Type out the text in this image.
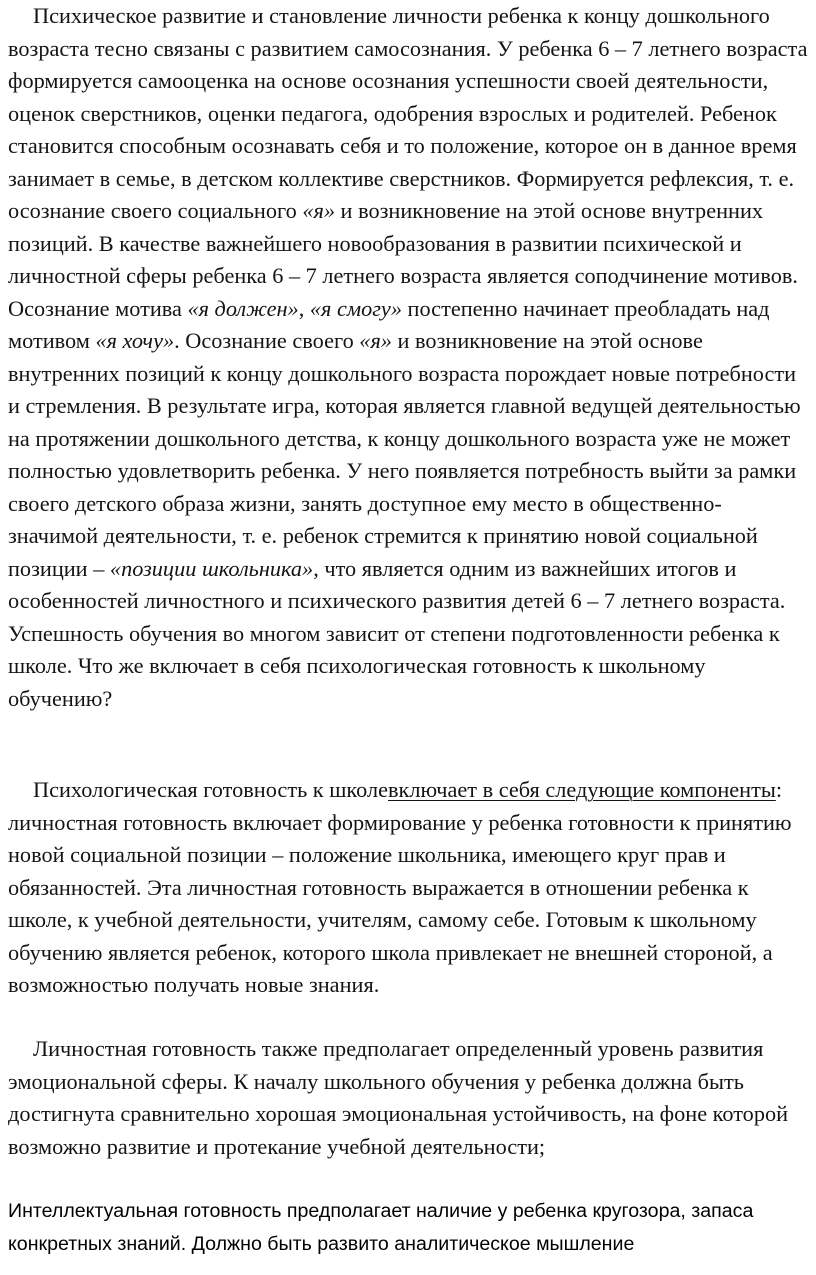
Психическое развитие и становление личности ребенка к концу дошкольного возраста тесно связаны с развитием самосознания. У ребенка 6 – 7 летнего возраста формируется самооценка на основе осознания успешности своей деятельности, оценок сверстников, оценки педагога, одобрения взрослых и родителей. Ребенок становится способным осознавать себя и то положение, которое он в данное время занимает в семье, в детском коллективе сверстников. Формируется рефлексия, т. е. осознание своего социального «я» и возникновение на этой основе внутренних позиций. В качестве важнейшего новообразования в развитии психической и личностной сферы ребенка 6 – 7 летнего возраста является соподчинение мотивов. Осознание мотива «я должен», «я смогу» постепенно начинает преобладать над мотивом «я хочу». Осознание своего «я» и возникновение на этой основе внутренних позиций к концу дошкольного возраста порождает новые потребности и стремления. В результате игра, которая является главной ведущей деятельностью на протяжении дошкольного детства, к концу дошкольного возраста уже не может полностью удовлетворить ребенка. У него появляется потребность выйти за рамки своего детского образа жизни, занять доступное ему место в общественно-значимой деятельности, т. е. ребенок стремится к принятию новой социальной позиции – «позиции школьника», что является одним из важнейших итогов и особенностей личностного и психического развития детей 6 – 7 летнего возраста. Успешность обучения во многом зависит от степени подготовленности ребенка к школе. Что же включает в себя психологическая готовность к школьному обучению?

Психологическая готовность к школевключает в себя следующие компоненты: личностная готовность включает формирование у ребенка готовности к принятию новой социальной позиции – положение школьника, имеющего круг прав и обязанностей. Эта личностная готовность выражается в отношении ребенка к школе, к учебной деятельности, учителям, самому себе. Готовым к школьному обучению является ребенок, которого школа привлекает не внешней стороной, а возможностью получать новые знания.

Личностная готовность также предполагает определенный уровень развития эмоциональной сферы. К началу школьного обучения у ребенка должна быть достигнута сравнительно хорошая эмоциональная устойчивость, на фоне которой возможно развитие и протекание учебной деятельности;

Интеллектуальная готовность предполагает наличие у ребенка кругозора, запаса конкретных знаний. Должно быть развито аналитическое мышление
